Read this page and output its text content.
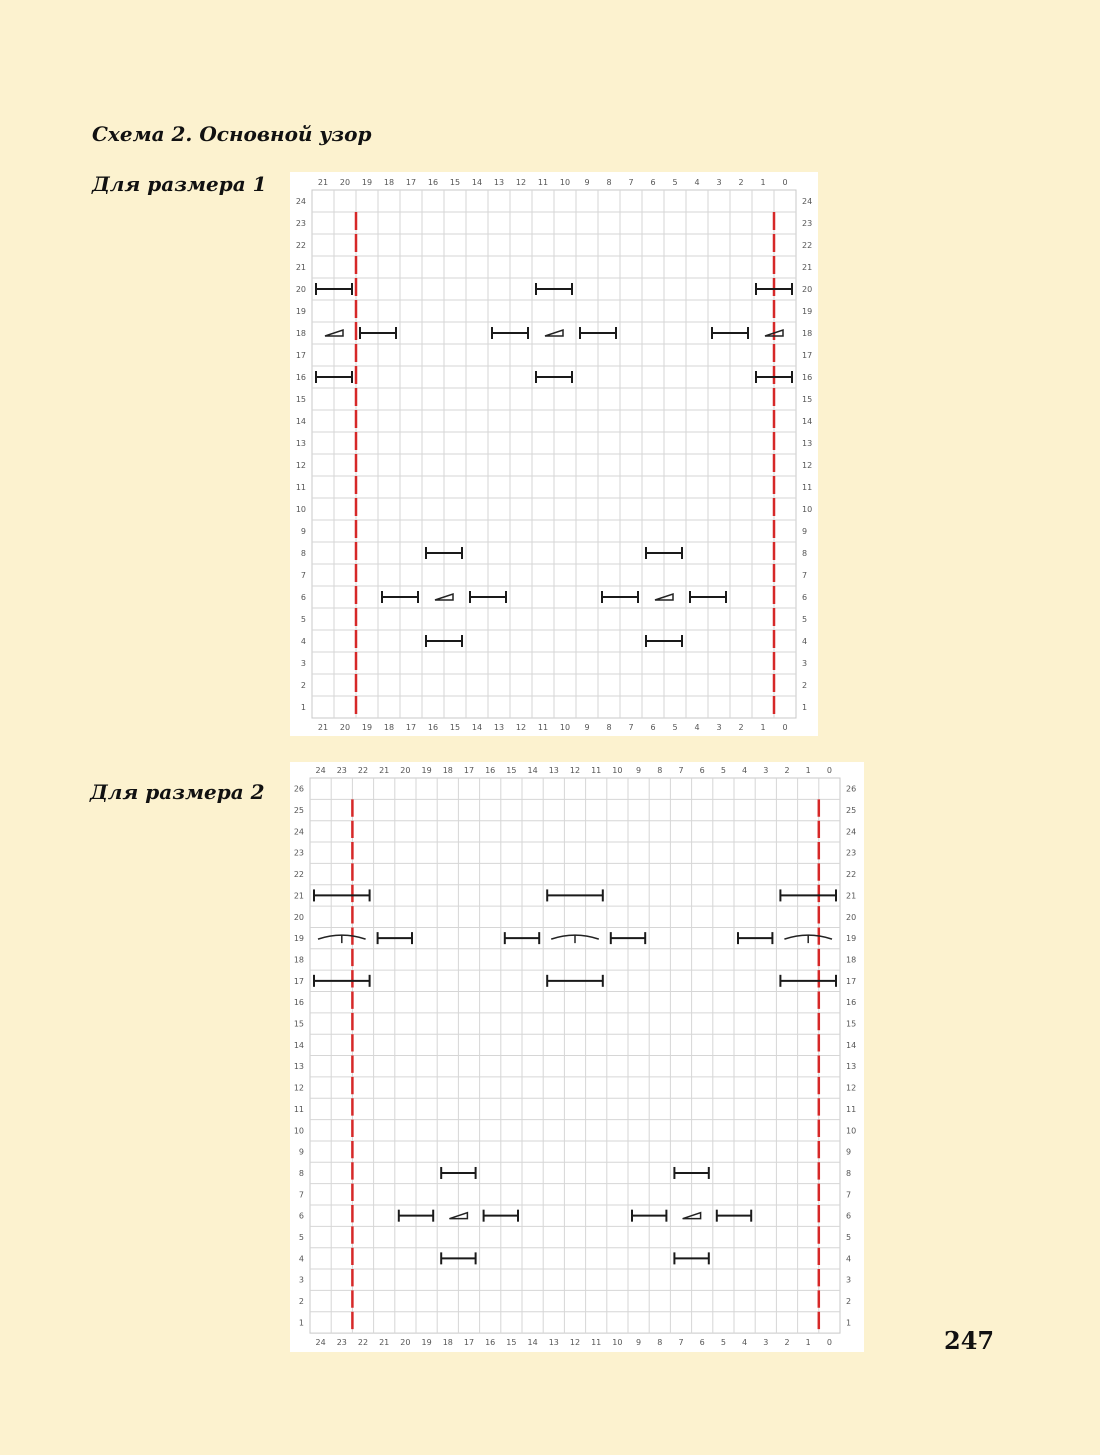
Схема 2. Основной узор
Для размера 1
Для размера 2
21
21
20
20
19
19
18
18
17
17
16
16
15
15
14
14
13
13
12
12
11
11
10
10
9
9
8
8
7
7
6
6
5
5
4
4
3
3
2
2
1
1
0
0
24	24
23	23
22	22
21	21
20	20
19	19
18	18
17	17
16	16
15	15
14	14
13	13
12	12
11	11
10	10
9	9
8	8
7	7
6	6
5	5
4	4
3	3
2	2
1	1
24
24
23
23
22
22
21
21
20
20
19
19
18
18
17
17
16
16
15
15
14
14
13
13
12
12
11
11
10
10
9
9
8
8
7
7
6
6
5
5
4
4
3
3
2
2
1
1
0
0
26	26
25	25
24	24
23	23
22	22
21	21
20	20
19	19
18	18
17	17
16	16
15	15
14	14
13	13
12	12
11	11
10	10
9	9
8	8
7	7
6	6
5	5
4	4
3	3
2	2
1	1
247
